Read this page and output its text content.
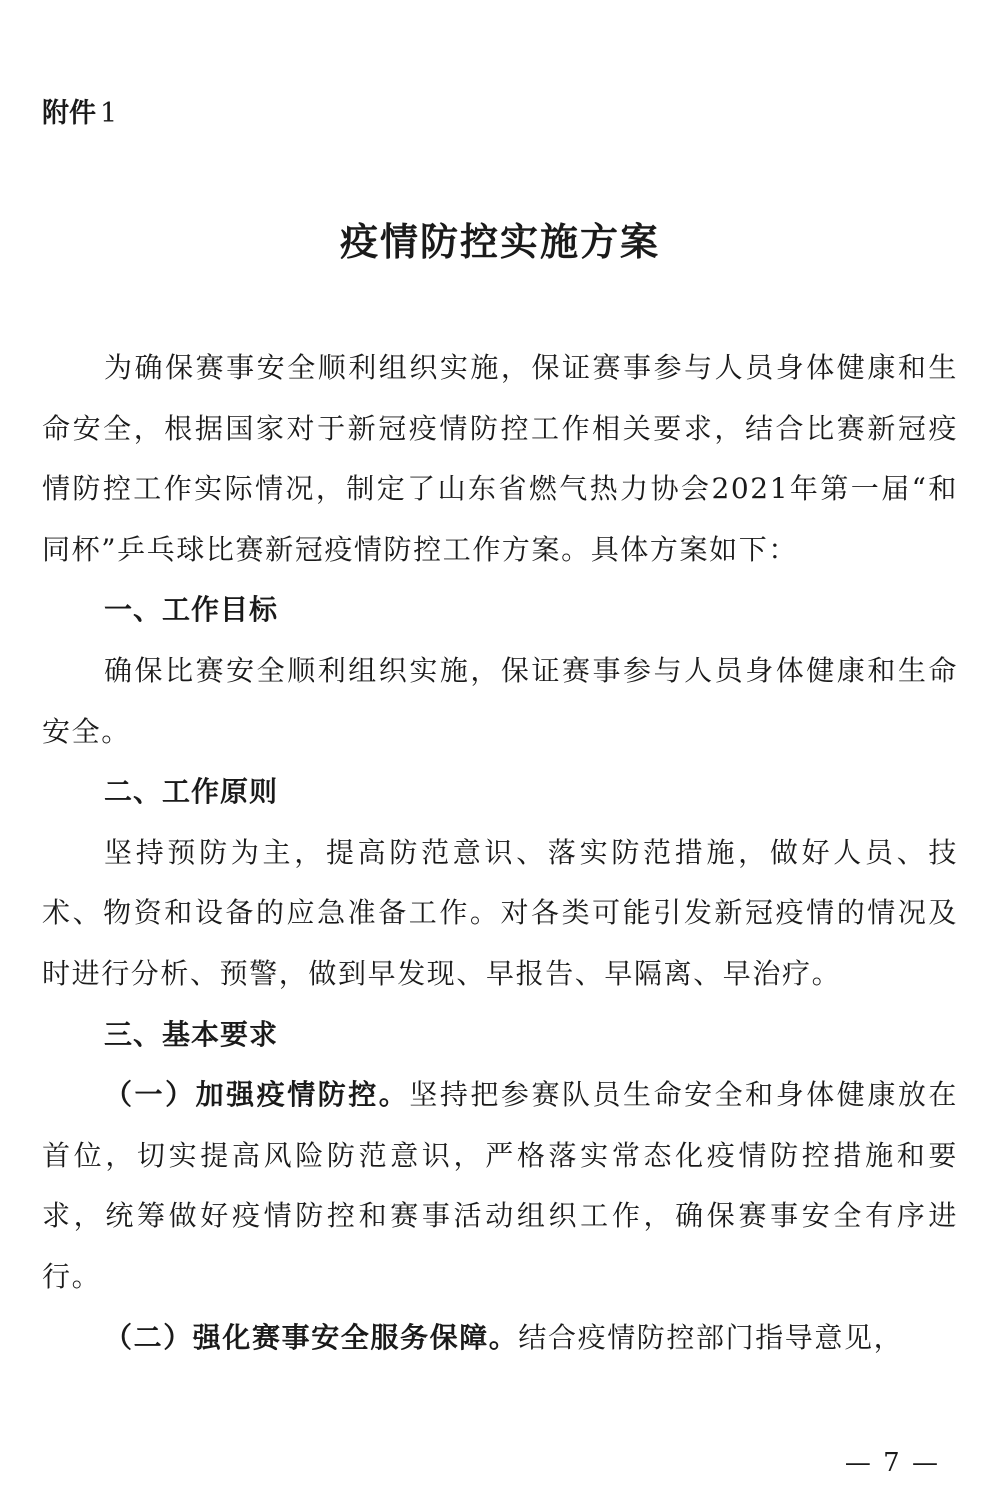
附件 1

疫情防控实施方案

为确保赛事安全顺利组织实施，保证赛事参与人员身体健康和生命安全，根据国家对于新冠疫情防控工作相关要求，结合比赛新冠疫情防控工作实际情况，制定了山东省燃气热力协会2021年第一届“和同杯”乒乓球比赛新冠疫情防控工作方案。具体方案如下：

一、工作目标

确保比赛安全顺利组织实施，保证赛事参与人员身体健康和生命安全。

二、工作原则

坚持预防为主，提高防范意识、落实防范措施，做好人员、技术、物资和设备的应急准备工作。对各类可能引发新冠疫情的情况及时进行分析、预警，做到早发现、早报告、早隔离、早治疗。

三、基本要求

（一）加强疫情防控。坚持把参赛队员生命安全和身体健康放在首位，切实提高风险防范意识，严格落实常态化疫情防控措施和要求，统筹做好疫情防控和赛事活动组织工作，确保赛事安全有序进行。

（二）强化赛事安全服务保障。结合疫情防控部门指导意见，

— 7 —
